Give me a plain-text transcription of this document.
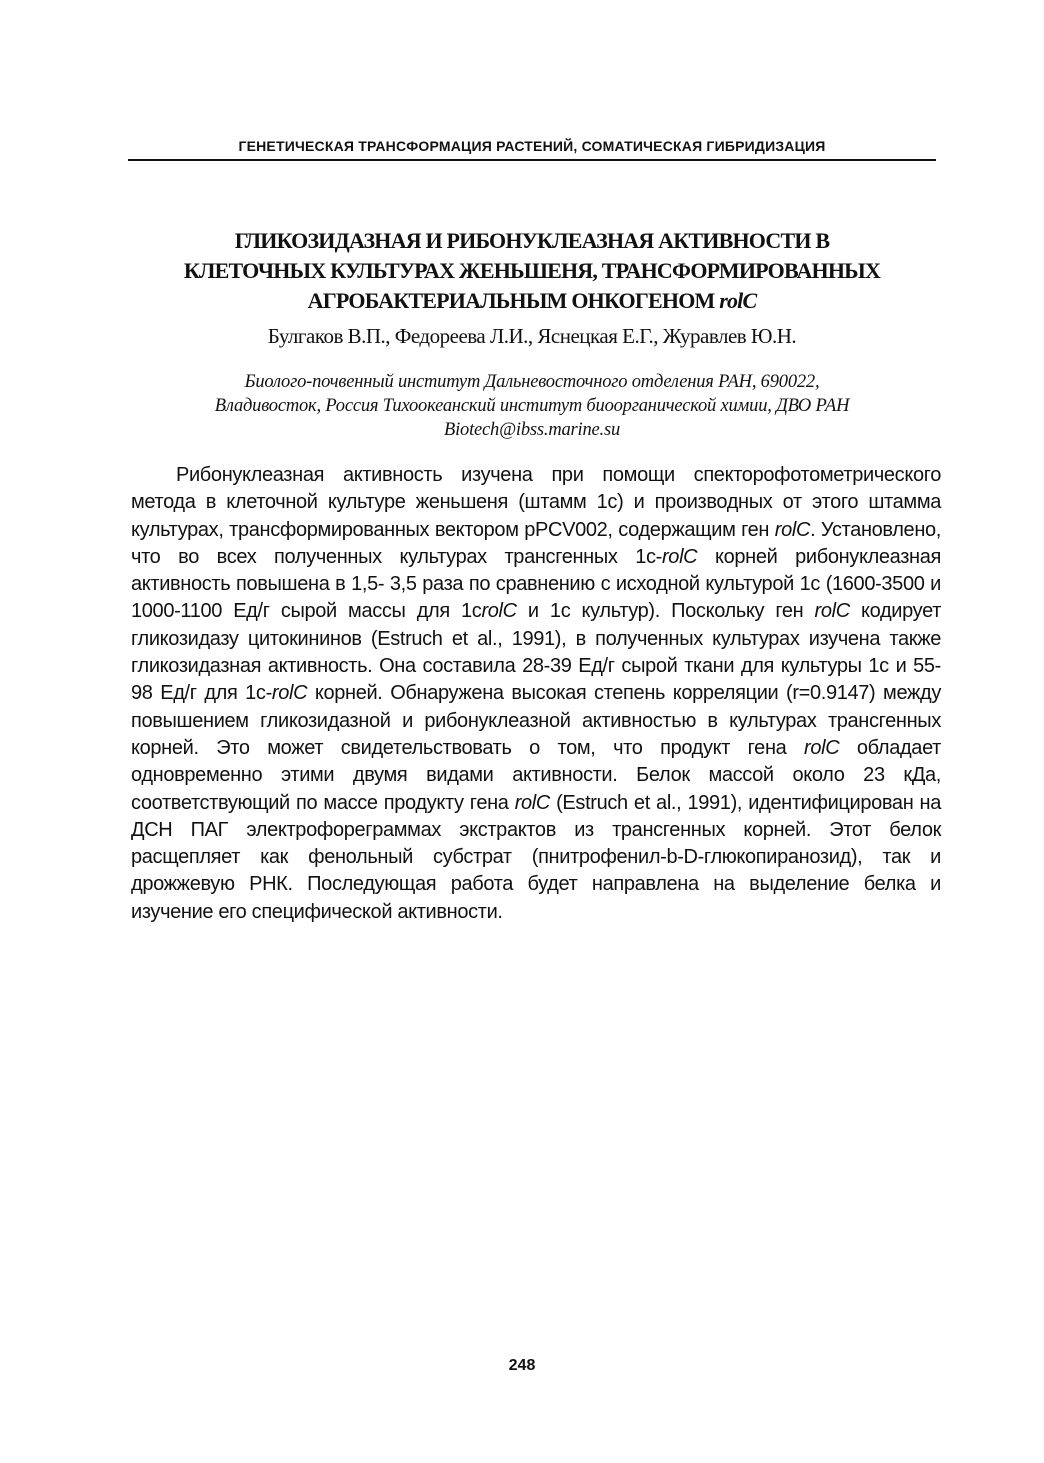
ГЕНЕТИЧЕСКАЯ ТРАНСФОРМАЦИЯ РАСТЕНИЙ, СОМАТИЧЕСКАЯ ГИБРИДИЗАЦИЯ
ГЛИКОЗИДАЗНАЯ И РИБОНУКЛЕАЗНАЯ АКТИВНОСТИ В
КЛЕТОЧНЫХ КУЛЬТУРАХ ЖЕНЬШЕНЯ, ТРАНСФОРМИРОВАННЫХ
АГРОБАКТЕРИАЛЬНЫМ ОНКОГЕНОМ rolC
Булгаков В.П., Федореева Л.И., Яснецкая Е.Г., Журавлев Ю.Н.
Биолого-почвенный институт Дальневосточного отделения РАН, 690022,
Владивосток, Россия Тихоокеанский институт биоорганической химии, ДВО РАН
Biotech@ibss.marine.su
Рибонуклеазная активность изучена при помощи спекторофотометрического метода в клеточной культуре женьшеня (штамм 1с) и производных от этого штамма культурах, трансформированных вектором pPCV002, содержащим ген rolC. Установлено, что во всех полученных культурах трансгенных 1с-rolC корней рибонуклеазная активность повышена в 1,5- 3,5 раза по сравнению с исходной культурой 1с (1600-3500 и 1000-1100 Ед/г сырой массы для 1сrolC и 1с культур). Поскольку ген rolC кодирует гликозидазу цитокининов (Estruch et al., 1991), в полученных культурах изучена также гликозидазная активность. Она составила 28-39 Ед/г сырой ткани для культуры 1с и 55-98 Ед/г для 1с-rolC корней. Обнаружена высокая степень корреляции (r=0.9147) между повышением гликозидазной и рибонуклеазной активностью в культурах трансгенных корней. Это может свидетельствовать о том, что продукт гена rolC обладает одновременно этими двумя видами активности. Белок массой около 23 кДа, соответствующий по массе продукту гена rolC (Estruch et al., 1991), идентифицирован на ДСН ПАГ электрофореграммах экстрактов из трансгенных корней. Этот белок расщепляет как фенольный субстрат (пнитрофенил-b-D-глюкопиранозид), так и дрожжевую РНК. Последующая работа будет направлена на выделение белка и изучение его специфической активности.
248
